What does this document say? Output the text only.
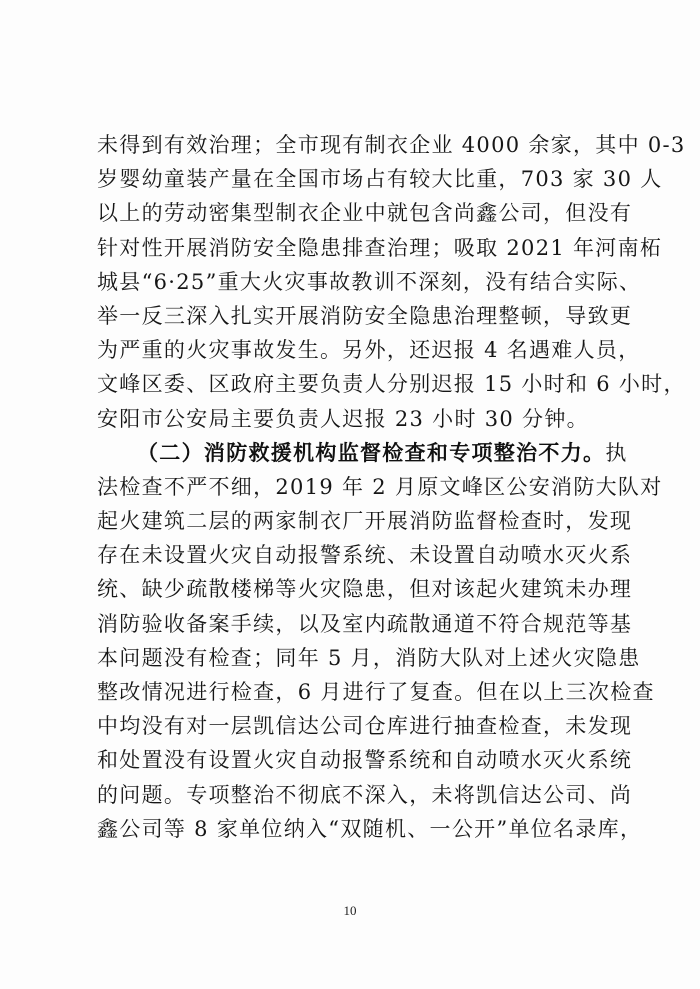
未得到有效治理；全市现有制衣企业 4000 余家，其中 0-3
岁婴幼童装产量在全国市场占有较大比重，703 家 30 人
以上的劳动密集型制衣企业中就包含尚鑫公司，但没有
针对性开展消防安全隐患排查治理；吸取 2021 年河南柘
城县“6·25”重大火灾事故教训不深刻，没有结合实际、
举一反三深入扎实开展消防安全隐患治理整顿，导致更
为严重的火灾事故发生。另外，还迟报 4 名遇难人员，
文峰区委、区政府主要负责人分别迟报 15 小时和 6 小时，
安阳市公安局主要负责人迟报 23 小时 30 分钟。
（二）消防救援机构监督检查和专项整治不力。执
法检查不严不细，2019 年 2 月原文峰区公安消防大队对
起火建筑二层的两家制衣厂开展消防监督检查时，发现
存在未设置火灾自动报警系统、未设置自动喷水灭火系
统、缺少疏散楼梯等火灾隐患，但对该起火建筑未办理
消防验收备案手续，以及室内疏散通道不符合规范等基
本问题没有检查；同年 5 月，消防大队对上述火灾隐患
整改情况进行检查，6 月进行了复查。但在以上三次检查
中均没有对一层凯信达公司仓库进行抽查检查，未发现
和处置没有设置火灾自动报警系统和自动喷水灭火系统
的问题。专项整治不彻底不深入，未将凯信达公司、尚
鑫公司等 8 家单位纳入“双随机、一公开”单位名录库，
10
